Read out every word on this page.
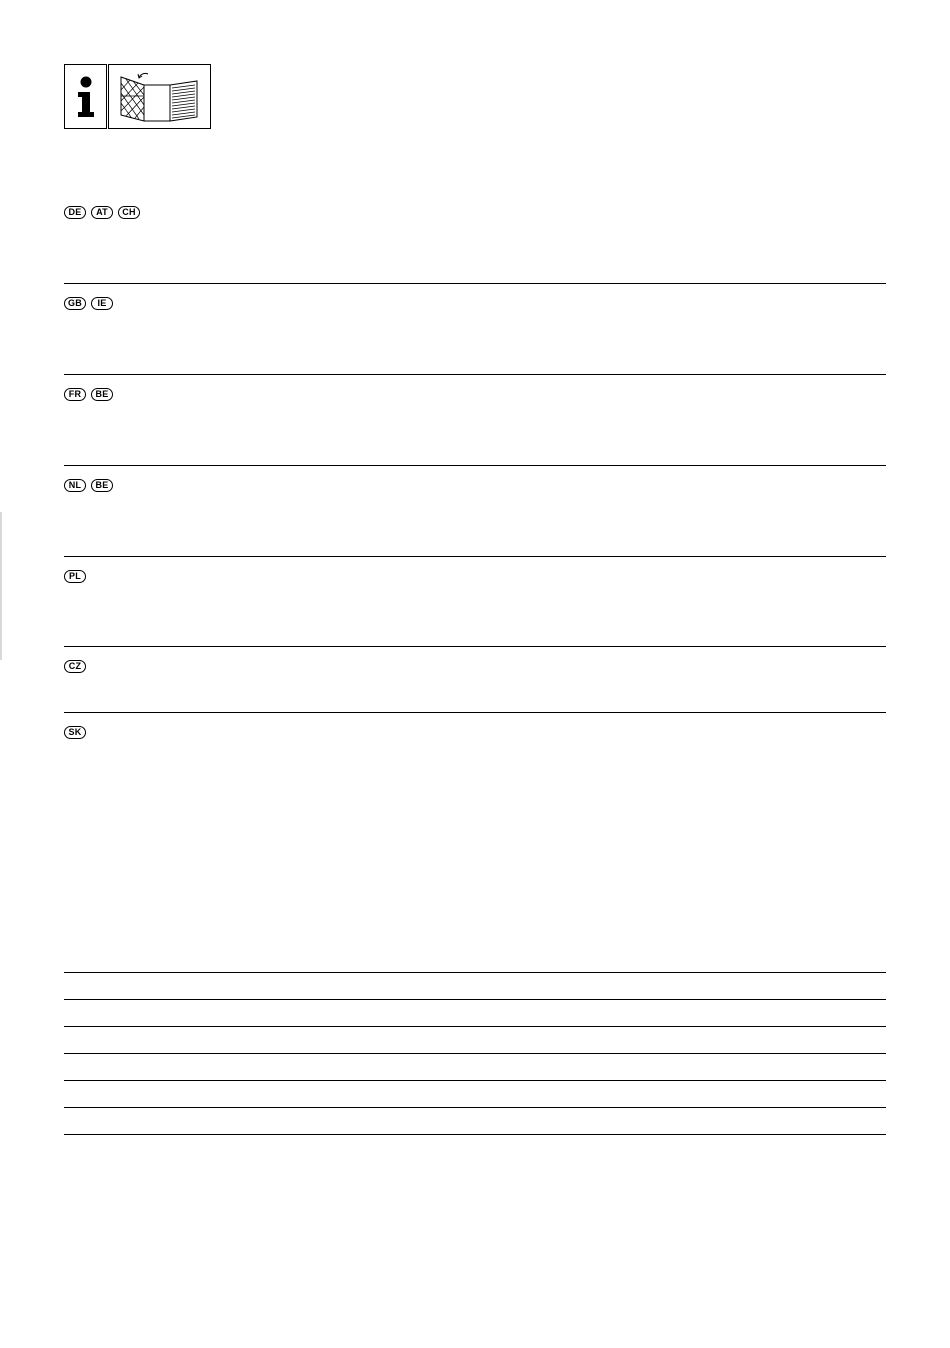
DE	AT	CH
GB	IE
FR	BE
NL	BE
PL
CZ
SK
